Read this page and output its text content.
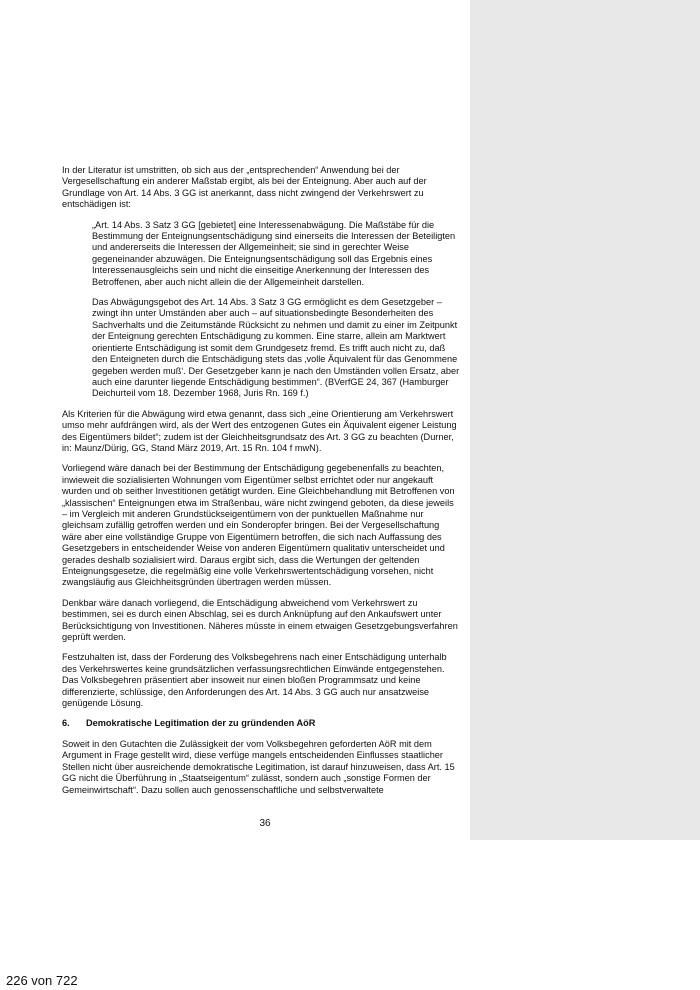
In der Literatur ist umstritten, ob sich aus der „entsprechenden“ Anwendung bei der Vergesellschaftung ein anderer Maßstab ergibt, als bei der Enteignung. Aber auch auf der Grundlage von Art. 14 Abs. 3 GG ist anerkannt, dass nicht zwingend der Verkehrswert zu entschädigen ist:

„Art. 14 Abs. 3 Satz 3 GG [gebietet] eine Interessenabwägung. Die Maßstäbe für die Bestimmung der Enteignungsentschädigung sind einerseits die Interessen der Beteiligten und andererseits die Interessen der Allgemeinheit; sie sind in gerechter Weise gegeneinander abzuwägen. Die Enteignungsentschädigung soll das Ergebnis eines Interessenausgleichs sein und nicht die einseitige Anerkennung der Interessen des Betroffenen, aber auch nicht allein die der Allgemeinheit darstellen.

Das Abwägungsgebot des Art. 14 Abs. 3 Satz 3 GG ermöglicht es dem Gesetzgeber – zwingt ihn unter Umständen aber auch – auf situationsbedingte Besonderheiten des Sachverhalts und die Zeitumstände Rücksicht zu nehmen und damit zu einer im Zeitpunkt der Enteignung gerechten Entschädigung zu kommen. Eine starre, allein am Marktwert orientierte Entschädigung ist somit dem Grundgesetz fremd. Es trifft auch nicht zu, daß den Enteigneten durch die Entschädigung stets das ‚volle Äquivalent für das Genommene gegeben werden muß‘. Der Gesetzgeber kann je nach den Umständen vollen Ersatz, aber auch eine darunter liegende Entschädigung bestimmen“. (BVerfGE 24, 367 (Hamburger Deichurteil vom 18. Dezember 1968, Juris Rn. 169 f.)

Als Kriterien für die Abwägung wird etwa genannt, dass sich „eine Orientierung am Verkehrswert umso mehr aufdrängen wird, als der Wert des entzogenen Gutes ein Äquivalent eigener Leistung des Eigentümers bildet“; zudem ist der Gleichheitsgrundsatz des Art. 3 GG zu beachten (Durner, in: Maunz/Dürig, GG, Stand März 2019, Art. 15 Rn. 104 f mwN).

Vorliegend wäre danach bei der Bestimmung der Entschädigung gegebenenfalls zu beachten, inwieweit die sozialisierten Wohnungen vom Eigentümer selbst errichtet oder nur angekauft wurden und ob seither Investitionen getätigt wurden. Eine Gleichbehandlung mit Betroffenen von „klassischen“ Enteignungen etwa im Straßenbau, wäre nicht zwingend geboten, da diese jeweils – im Vergleich mit anderen Grundstückseigentümern von der punktuellen Maßnahme nur gleichsam zufällig getroffen werden und ein Sonderopfer bringen. Bei der Vergesellschaftung wäre aber eine vollständige Gruppe von Eigentümern betroffen, die sich nach Auffassung des Gesetzgebers in entscheidender Weise von anderen Eigentümern qualitativ unterscheidet und gerades deshalb sozialisiert wird. Daraus ergibt sich, dass die Wertungen der geltenden Enteignungsgesetze, die regelmäßig eine volle Verkehrswertentschädigung vorsehen, nicht zwangsläufig aus Gleichheitsgründen übertragen werden müssen.

Denkbar wäre danach vorliegend, die Entschädigung abweichend vom Verkehrswert zu bestimmen, sei es durch einen Abschlag, sei es durch Anknüpfung auf den Ankaufswert unter Berücksichtigung von Investitionen. Näheres müsste in einem etwaigen Gesetzgebungsverfahren geprüft werden.

Festzuhalten ist, dass der Forderung des Volksbegehrens nach einer Entschädigung unterhalb des Verkehrswertes keine grundsätzlichen verfassungsrechtlichen Einwände entgegenstehen. Das Volksbegehren präsentiert aber insoweit nur einen bloßen Programmsatz und keine differenzierte, schlüssige, den Anforderungen des Art. 14 Abs. 3 GG auch nur ansatzweise genügende Lösung.

6. Demokratische Legitimation der zu gründenden AöR

Soweit in den Gutachten die Zulässigkeit der vom Volksbegehren geforderten AöR mit dem Argument in Frage gestellt wird, diese verfüge mangels entscheidenden Einflusses staatlicher Stellen nicht über ausreichende demokratische Legitimation, ist darauf hinzuweisen, dass Art. 15 GG nicht die Überführung in „Staatseigentum“ zulässt, sondern auch „sonstige Formen der Gemeinwirtschaft“. Dazu sollen auch genossenschaftliche und selbstverwaltete

36
226 von 722
